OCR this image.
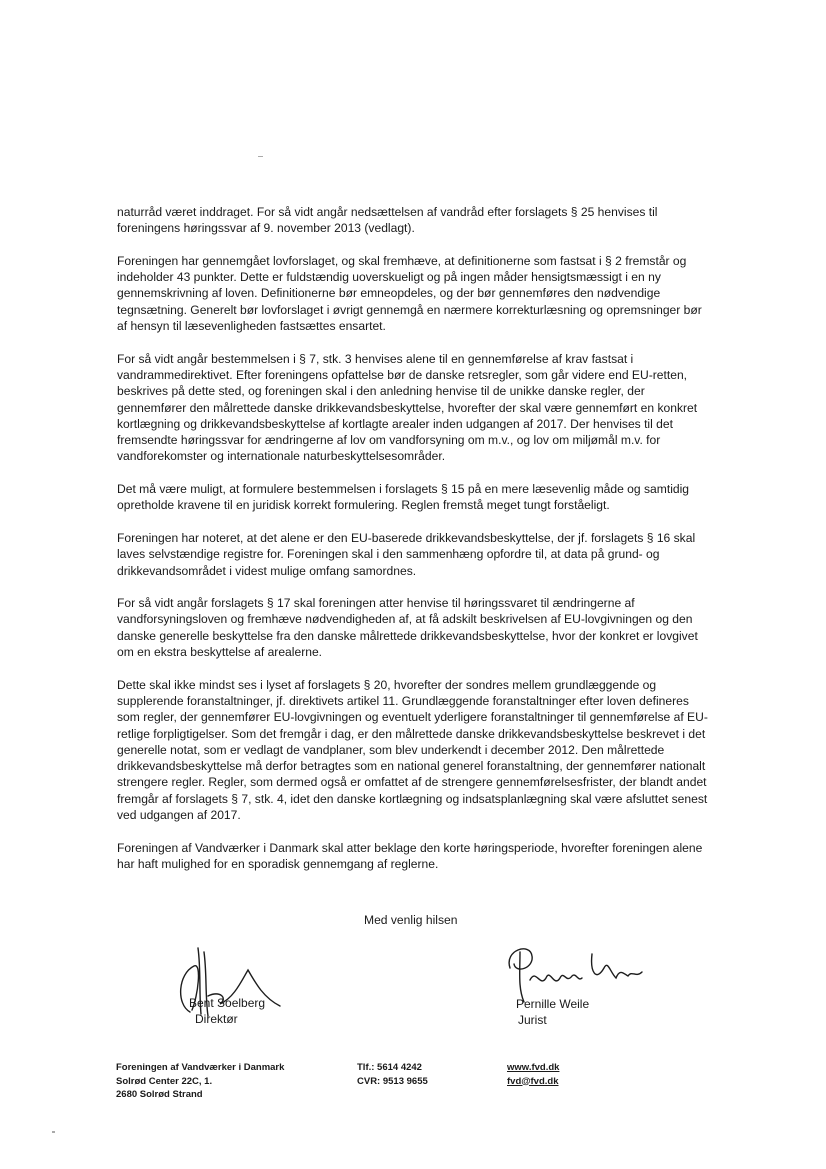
naturråd været inddraget. For så vidt angår nedsættelsen af vandråd efter forslagets § 25 henvises til foreningens høringssvar af 9. november 2013 (vedlagt).

Foreningen har gennemgået lovforslaget, og skal fremhæve, at definitionerne som fastsat i § 2 fremstår og indeholder 43 punkter. Dette er fuldstændig uoverskueligt og på ingen måder hensigtsmæssigt i en ny gennemskrivning af loven. Definitionerne bør emneopdeles, og der bør gennemføres den nødvendige tegnsætning. Generelt bør lovforslaget i øvrigt gennemgå en nærmere korrekturlæsning og opremsninger bør af hensyn til læsevenligheden fastsættes ensartet.

For så vidt angår bestemmelsen i § 7, stk. 3 henvises alene til en gennemførelse af krav fastsat i vandrammedirektivet. Efter foreningens opfattelse bør de danske retsregler, som går videre end EU-retten, beskrives på dette sted, og foreningen skal i den anledning henvise til de unikke danske regler, der gennemfører den målrettede danske drikkevandsbeskyttelse, hvorefter der skal være gennemført en konkret kortlægning og drikkevandsbeskyttelse af kortlagte arealer inden udgangen af 2017. Der henvises til det fremsendte høringssvar for ændringerne af lov om vandforsyning om m.v., og lov om miljømål m.v. for vandforekomster og internationale naturbeskyttelsesområder.

Det må være muligt, at formulere bestemmelsen i forslagets § 15 på en mere læsevenlig måde og samtidig opretholde kravene til en juridisk korrekt formulering. Reglen fremstå meget tungt forståeligt.

Foreningen har noteret, at det alene er den EU-baserede drikkevandsbeskyttelse, der jf. forslagets § 16 skal laves selvstændige registre for. Foreningen skal i den sammenhæng opfordre til, at data på grund- og drikkevandsområdet i videst mulige omfang samordnes.

For så vidt angår forslagets § 17 skal foreningen atter henvise til høringssvaret til ændringerne af vandforsyningsloven og fremhæve nødvendigheden af, at få adskilt beskrivelsen af EU-lovgivningen og den danske generelle beskyttelse fra den danske målrettede drikkevandsbeskyttelse, hvor der konkret er lovgivet om en ekstra beskyttelse af arealerne.

Dette skal ikke mindst ses i lyset af forslagets § 20, hvorefter der sondres mellem grundlæggende og supplerende foranstaltninger, jf. direktivets artikel 11. Grundlæggende foranstaltninger efter loven defineres som regler, der gennemfører EU-lovgivningen og eventuelt yderligere foranstaltninger til gennemførelse af EU-retlige forpligtigelser. Som det fremgår i dag, er den målrettede danske drikkevandsbeskyttelse beskrevet i det generelle notat, som er vedlagt de vandplaner, som blev underkendt i december 2012. Den målrettede drikkevandsbeskyttelse må derfor betragtes som en national generel foranstaltning, der gennemfører nationalt strengere regler. Regler, som dermed også er omfattet af de strengere gennemførelsesfrister, der blandt andet fremgår af forslagets § 7, stk. 4, idet den danske kortlægning og indsatsplanlægning skal være afsluttet senest ved udgangen af 2017.

Foreningen af Vandværker i Danmark skal atter beklage den korte høringsperiode, hvorefter foreningen alene har haft mulighed for en sporadisk gennemgang af reglerne.

Med venlig hilsen
Bent Soelberg
Direktør
Pernille Weile
Jurist
Foreningen af Vandværker i Danmark
Solrød Center 22C, 1.
2680 Solrød Strand
Tlf.: 5614 4242
CVR: 9513 9655
www.fvd.dk
fvd@fvd.dk
